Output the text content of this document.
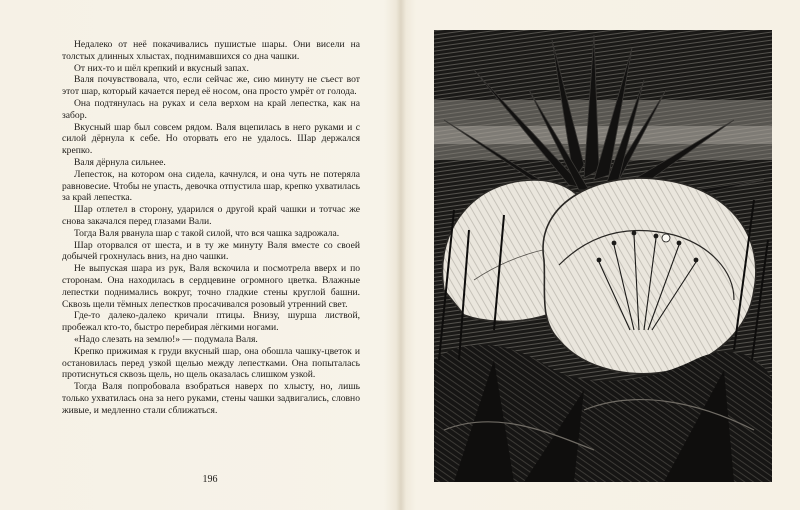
Недалеко от неё покачивались пушистые шары. Они висели на толстых длинных хлыстах, поднимавшихся со дна чашки.

От них-то и шёл крепкий и вкусный запах.

Валя почувствовала, что, если сейчас же, сию минуту не съест вот этот шар, который качается перед её носом, она просто умрёт от голода.

Она подтянулась на руках и села верхом на край лепестка, как на забор.

Вкусный шар был совсем рядом. Валя вцепилась в него руками и с силой дёрнула к себе. Но оторвать его не удалось. Шар держался крепко.

Валя дёрнула сильнее.

Лепесток, на котором она сидела, качнулся, и она чуть не потеряла равновесие. Чтобы не упасть, девочка отпустила шар, крепко ухватилась за край лепестка.

Шар отлетел в сторону, ударился о другой край чашки и тотчас же снова закачался перед глазами Вали.

Тогда Валя рванула шар с такой силой, что вся чашка задрожала.

Шар оторвался от шеста, и в ту же минуту Валя вместе со своей добычей грохнулась вниз, на дно чашки.

Не выпуская шара из рук, Валя вскочила и посмотрела вверх и по сторонам. Она находилась в сердцевине огромного цветка. Влажные лепестки поднимались вокруг, точно гладкие стены круглой башни. Сквозь щели тёмных лепестков просачивался розовый утренний свет.

Где-то далеко-далеко кричали птицы. Внизу, шурша листвой, пробежал кто-то, быстро перебирая лёгкими ногами.

«Надо слезать на землю!» — подумала Валя.

Крепко прижимая к груди вкусный шар, она обошла чашку-цветок и остановилась перед узкой щелью между лепестками. Она попыталась протиснуться сквозь щель, но щель оказалась слишком узкой.

Тогда Валя попробовала взобраться наверх по хлысту, но, лишь только ухватилась она за него руками, стены чашки задвигались, словно живые, и медленно стали сближаться.

196
